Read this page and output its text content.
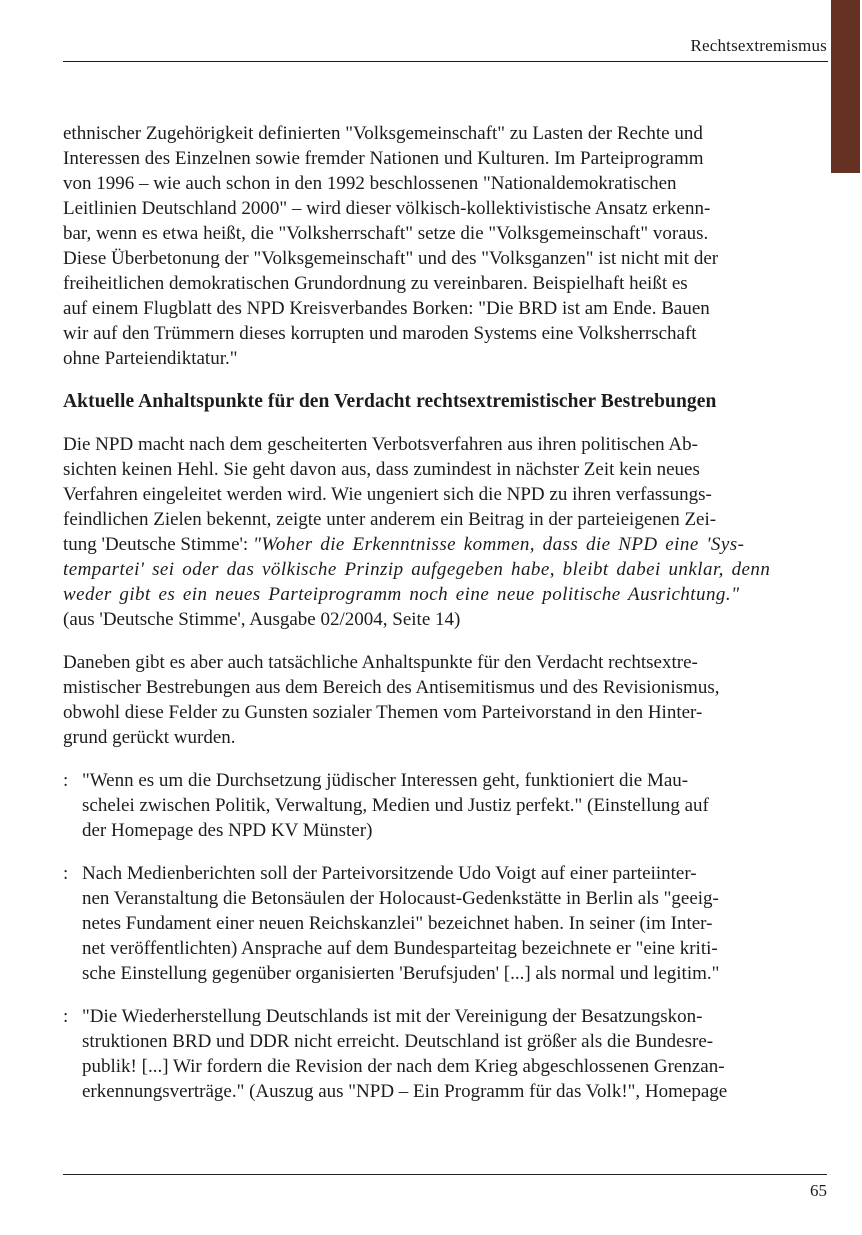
Rechtsextremismus
ethnischer Zugehörigkeit definierten "Volksgemeinschaft" zu Lasten der Rechte und
Interessen des Einzelnen sowie fremder Nationen und Kulturen. Im Parteiprogramm
von 1996 – wie auch schon in den 1992 beschlossenen "Nationaldemokratischen
Leitlinien Deutschland 2000" – wird dieser völkisch-kollektivistische Ansatz erkenn-
bar, wenn es etwa heißt, die "Volksherrschaft" setze die "Volksgemeinschaft" voraus.
Diese Überbetonung der "Volksgemeinschaft" und des "Volksganzen" ist nicht mit der
freiheitlichen demokratischen Grundordnung zu vereinbaren. Beispielhaft heißt es
auf einem Flugblatt des NPD Kreisverbandes Borken: "Die BRD ist am Ende. Bauen
wir auf den Trümmern dieses korrupten und maroden Systems eine Volksherrschaft
ohne Parteiendiktatur."
Aktuelle Anhaltspunkte für den Verdacht rechtsextremistischer Bestrebungen
Die NPD macht nach dem gescheiterten Verbotsverfahren aus ihren politischen Ab-
sichten keinen Hehl. Sie geht davon aus, dass zumindest in nächster Zeit kein neues
Verfahren eingeleitet werden wird. Wie ungeniert sich die NPD zu ihren verfassungs-
feindlichen Zielen bekennt, zeigte unter anderem ein Beitrag in der parteieigenen Zei-
tung 'Deutsche Stimme': "Woher die Erkenntnisse kommen, dass die NPD eine 'Sys-
tempartei' sei oder das völkische Prinzip aufgegeben habe, bleibt dabei unklar, denn
weder gibt es ein neues Parteiprogramm noch eine neue politische Ausrichtung."
(aus 'Deutsche Stimme', Ausgabe 02/2004, Seite 14)
Daneben gibt es aber auch tatsächliche Anhaltspunkte für den Verdacht rechtsextre-
mistischer Bestrebungen aus dem Bereich des Antisemitismus und des Revisionismus,
obwohl diese Felder zu Gunsten sozialer Themen vom Parteivorstand in den Hinter-
grund gerückt wurden.
: "Wenn es um die Durchsetzung jüdischer Interessen geht, funktioniert die Mau-
schelei zwischen Politik, Verwaltung, Medien und Justiz perfekt." (Einstellung auf
der Homepage des NPD KV Münster)
: Nach Medienberichten soll der Parteivorsitzende Udo Voigt auf einer parteiinter-
nen Veranstaltung die Betonsäulen der Holocaust-Gedenkstätte in Berlin als "geeig-
netes Fundament einer neuen Reichskanzlei" bezeichnet haben. In seiner (im Inter-
net veröffentlichten) Ansprache auf dem Bundesparteitag bezeichnete er "eine kriti-
sche Einstellung gegenüber organisierten 'Berufsjuden' [...] als normal und legitim."
: "Die Wiederherstellung Deutschlands ist mit der Vereinigung der Besatzungskon-
struktionen BRD und DDR nicht erreicht. Deutschland ist größer als die Bundesre-
publik! [...] Wir fordern die Revision der nach dem Krieg abgeschlossenen Grenzan-
erkennungsverträge." (Auszug aus "NPD – Ein Programm für das Volk!", Homepage
65
